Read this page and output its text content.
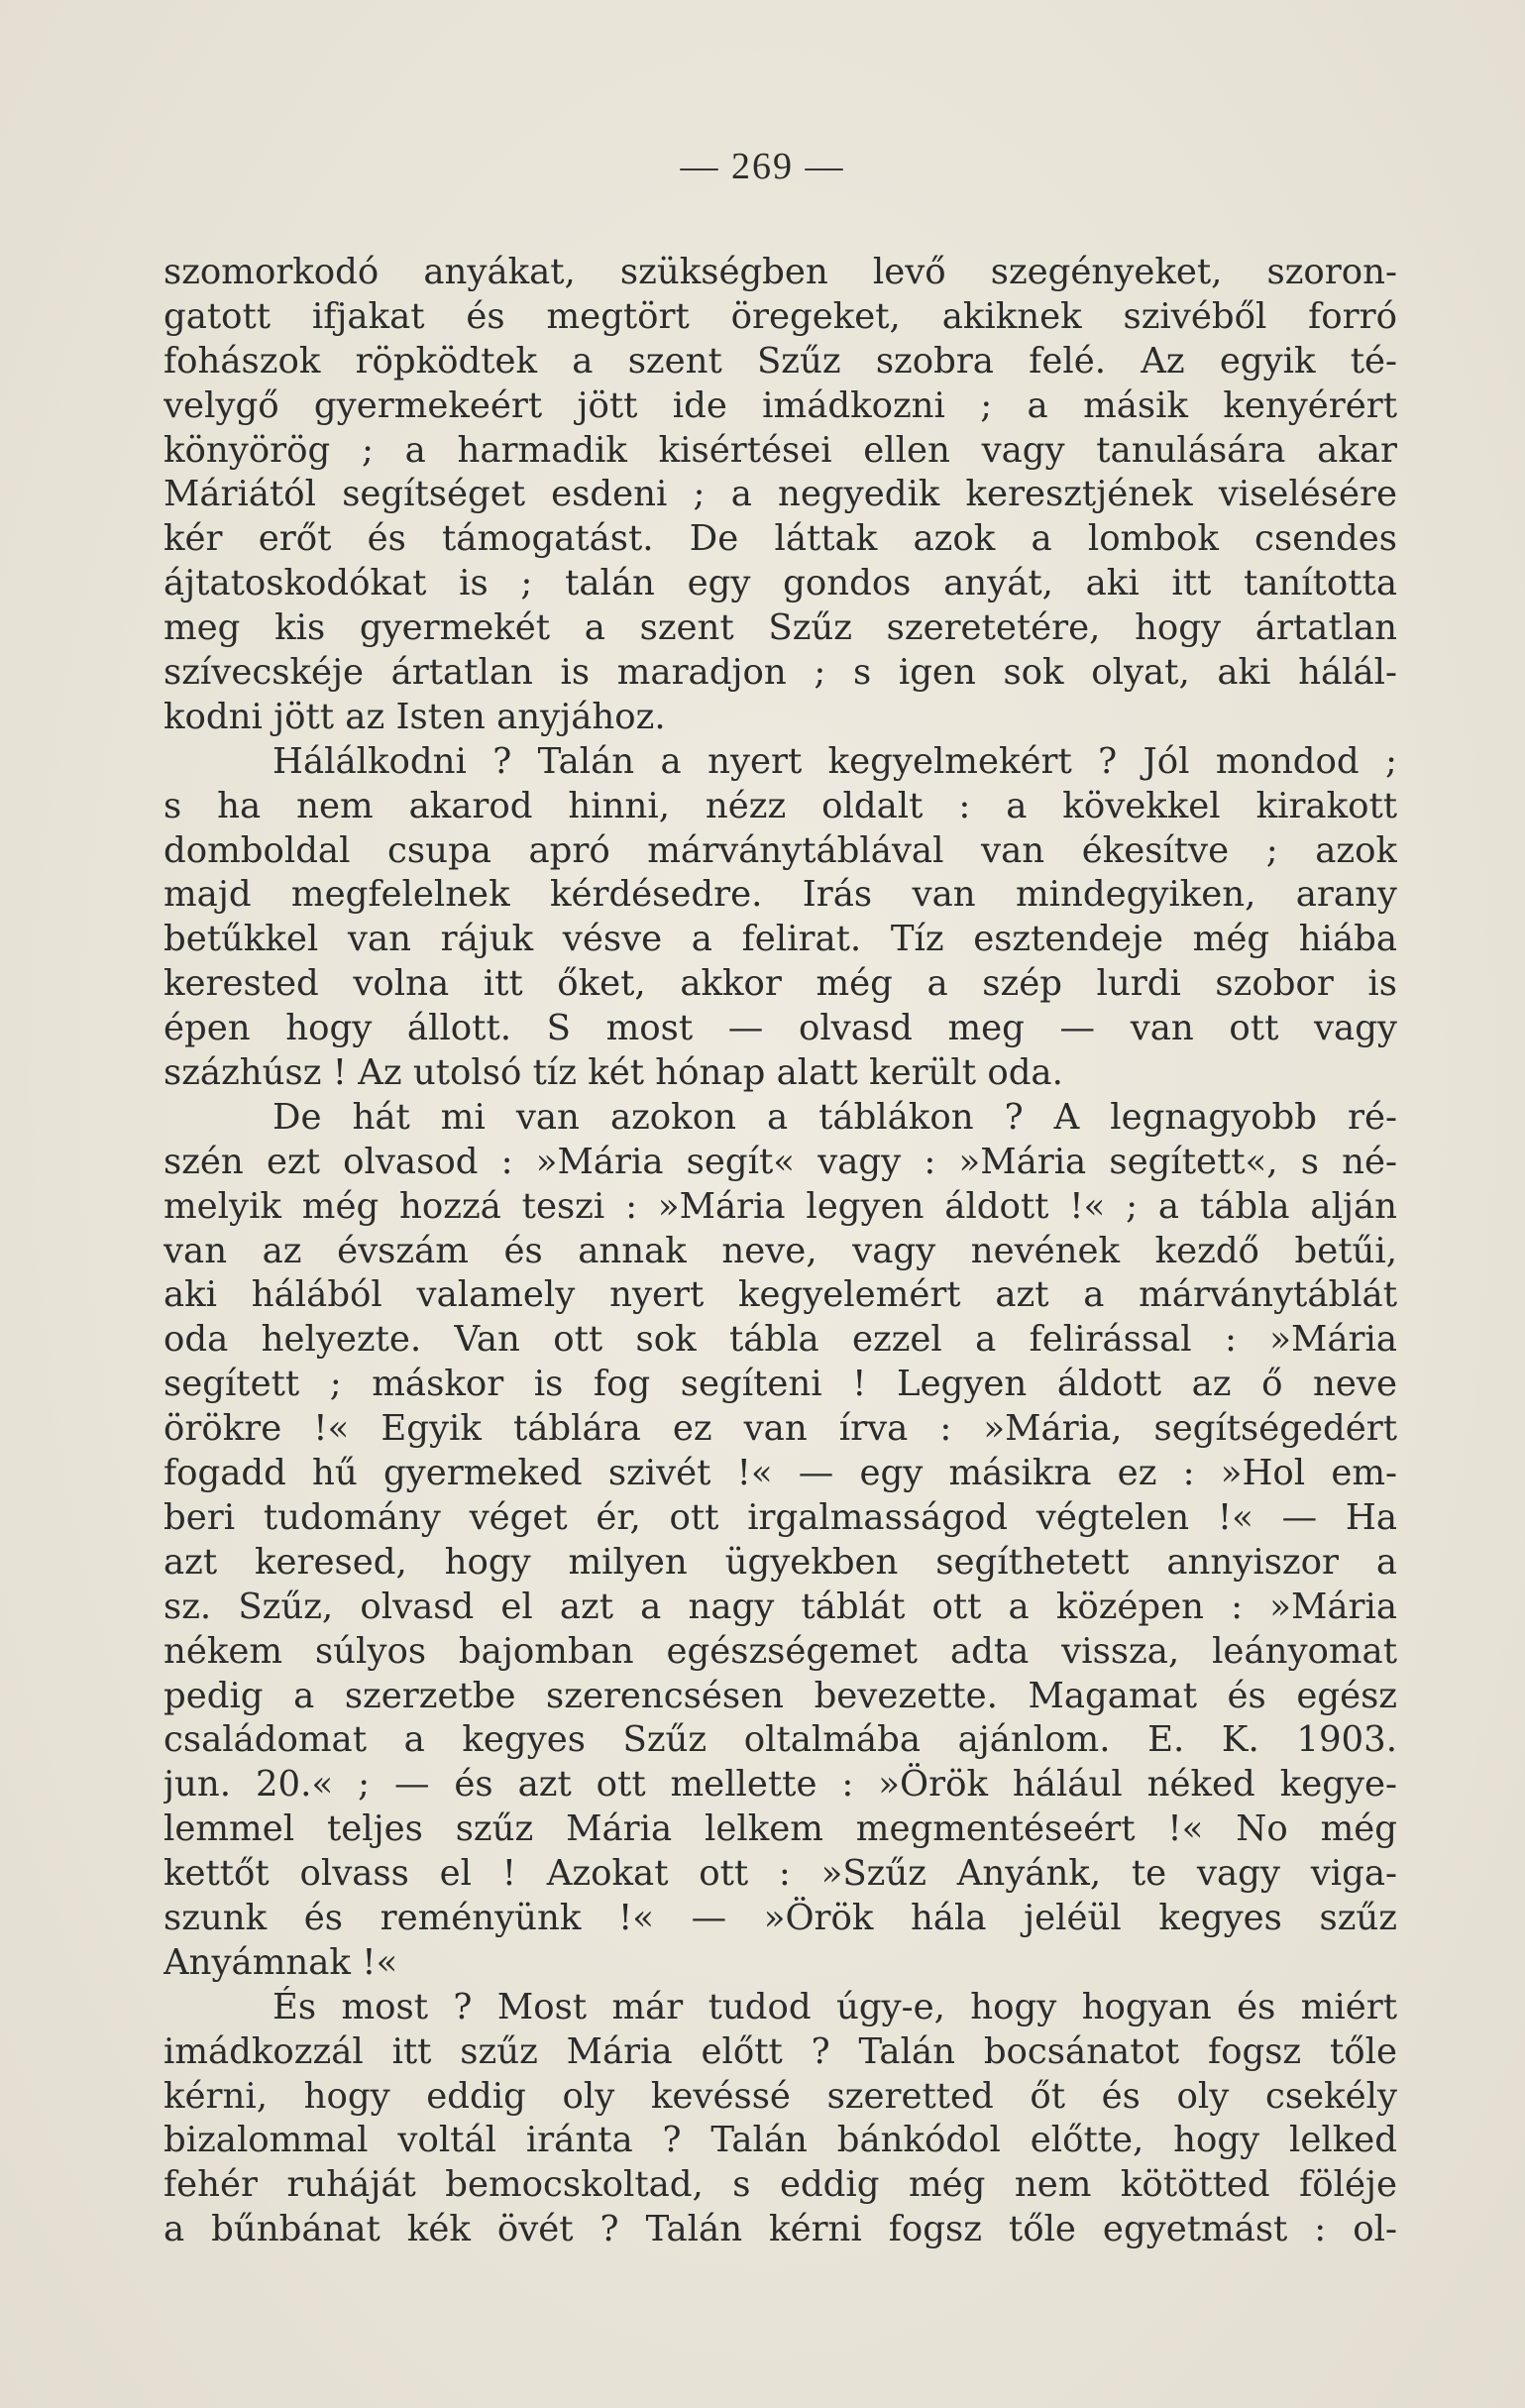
— 269 —
szomorkodó anyákat, szükségben levő szegényeket, szoron-
gatott ifjakat és megtört öregeket, akiknek szivéből forró
fohászok röpködtek a szent Szűz szobra felé. Az egyik té-
velygő gyermekeért jött ide imádkozni ; a másik kenyérért
könyörög ; a harmadik kisértései ellen vagy tanulására akar
Máriától segítséget esdeni ; a negyedik keresztjének viselésére
kér erőt és támogatást. De láttak azok a lombok csendes
ájtatoskodókat is ; talán egy gondos anyát, aki itt tanította
meg kis gyermekét a szent Szűz szeretetére, hogy ártatlan
szívecskéje ártatlan is maradjon ; s igen sok olyat, aki hálál-
kodni jött az Isten anyjához.
Hálálkodni ? Talán a nyert kegyelmekért ? Jól mondod ;
s ha nem akarod hinni, nézz oldalt : a kövekkel kirakott
domboldal csupa apró márványtáblával van ékesítve ; azok
majd megfelelnek kérdésedre. Irás van mindegyiken, arany
betűkkel van rájuk vésve a felirat. Tíz esztendeje még hiába
kerested volna itt őket, akkor még a szép lurdi szobor is
épen hogy állott. S most — olvasd meg — van ott vagy
százhúsz ! Az utolsó tíz két hónap alatt került oda.
De hát mi van azokon a táblákon ? A legnagyobb ré-
szén ezt olvasod : »Mária segít« vagy : »Mária segített«, s né-
melyik még hozzá teszi : »Mária legyen áldott !« ; a tábla alján
van az évszám és annak neve, vagy nevének kezdő betűi,
aki hálából valamely nyert kegyelemért azt a márványtáblát
oda helyezte. Van ott sok tábla ezzel a felirással : »Mária
segített ; máskor is fog segíteni ! Legyen áldott az ő neve
örökre !« Egyik táblára ez van írva : »Mária, segítségedért
fogadd hű gyermeked szivét !« — egy másikra ez : »Hol em-
beri tudomány véget ér, ott irgalmasságod végtelen !« — Ha
azt keresed, hogy milyen ügyekben segíthetett annyiszor a
sz. Szűz, olvasd el azt a nagy táblát ott a középen : »Mária
nékem súlyos bajomban egészségemet adta vissza, leányomat
pedig a szerzetbe szerencsésen bevezette. Magamat és egész
családomat a kegyes Szűz oltalmába ajánlom. E. K. 1903.
jun. 20.« ; — és azt ott mellette : »Örök hálául néked kegye-
lemmel teljes szűz Mária lelkem megmentéseért !« No még
kettőt olvass el ! Azokat ott : »Szűz Anyánk, te vagy viga-
szunk és reményünk !« — »Örök hála jeléül kegyes szűz
Anyámnak !«
És most ? Most már tudod úgy-e, hogy hogyan és miért
imádkozzál itt szűz Mária előtt ? Talán bocsánatot fogsz tőle
kérni, hogy eddig oly kevéssé szeretted őt és oly csekély
bizalommal voltál iránta ? Talán bánkódol előtte, hogy lelked
fehér ruháját bemocskoltad, s eddig még nem kötötted föléje
a bűnbánat kék övét ? Talán kérni fogsz tőle egyetmást : ol-
